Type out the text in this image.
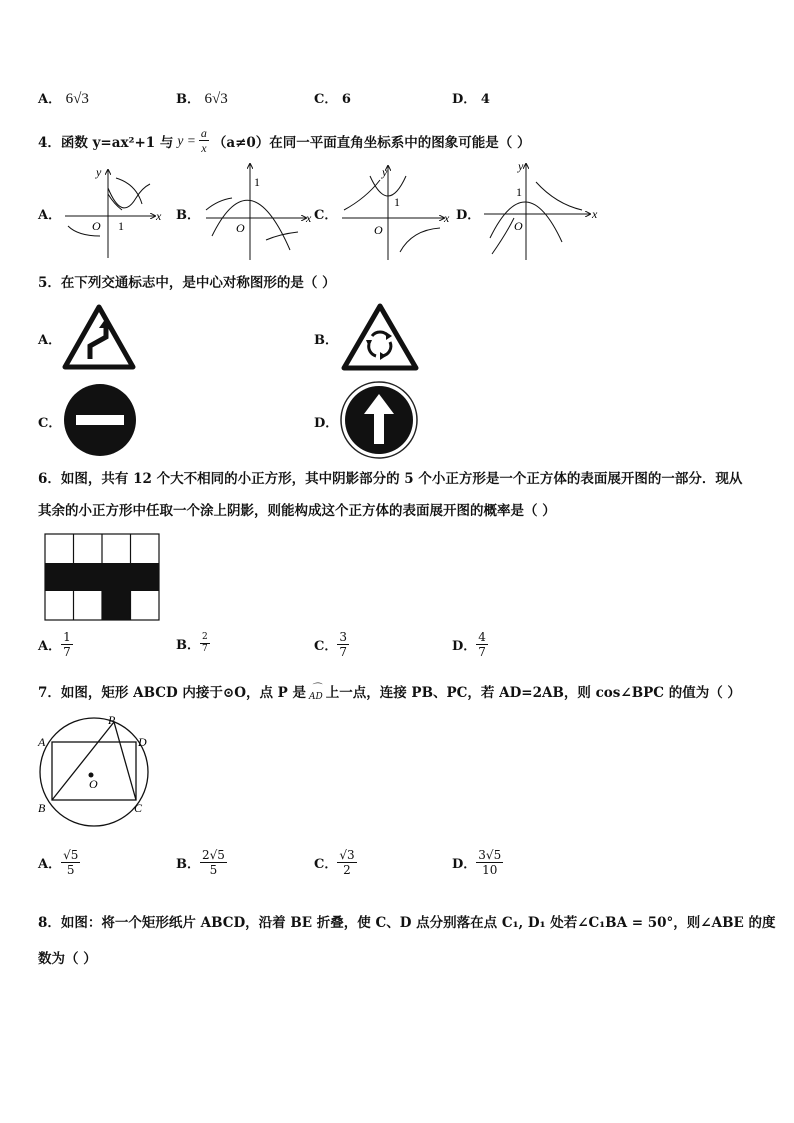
A． 6√3	B． 6√3	C． 6	D． 4
4．函数 y=ax²+1 与 $y = \frac{a}{x} (a\ne 0)$在同一平面直角坐标系中的图象可能是（ ）
A．	B．	C．	D．
y
x
O 1
1
O
x
y
1
O
x
y
1
O
x
5．在下列交通标志中，是中心对称图形的是（ ）
A．	B．
C．	D．
6．如图，共有 12 个大不相同的小正方形，其中阴影部分的 5 个小正方形是一个正方体的表面展开图的一部分．现从
其余的小正方形中任取一个涂上阴影，则能构成这个正方体的表面展开图的概率是（ ）
A． $\frac{1}{7}$	B． $\frac{2}{7}$	C． $\frac{3}{7}$	D． $\frac{4}{7}$
7．如图，矩形 ABCD 内接于⊙O，点 P 是 ⌒
AD 上一点，连接 PB、PC，若 AD=2AB，则 cos∠BPC 的值为（ ）
P
A	D
B	C
O
A． $\frac{√5}{5}$	B． $\frac{2√5}{5}$	C． $\frac{√3}{2}$	D． $\frac{3√5}{10}$
8．如图：将一个矩形纸片 ABCD，沿着 BE 折叠，使 C、D 点分别落在点 C₁, D₁ 处若∠C₁BA = 50°，则∠ABE 的度
数为（ ）
